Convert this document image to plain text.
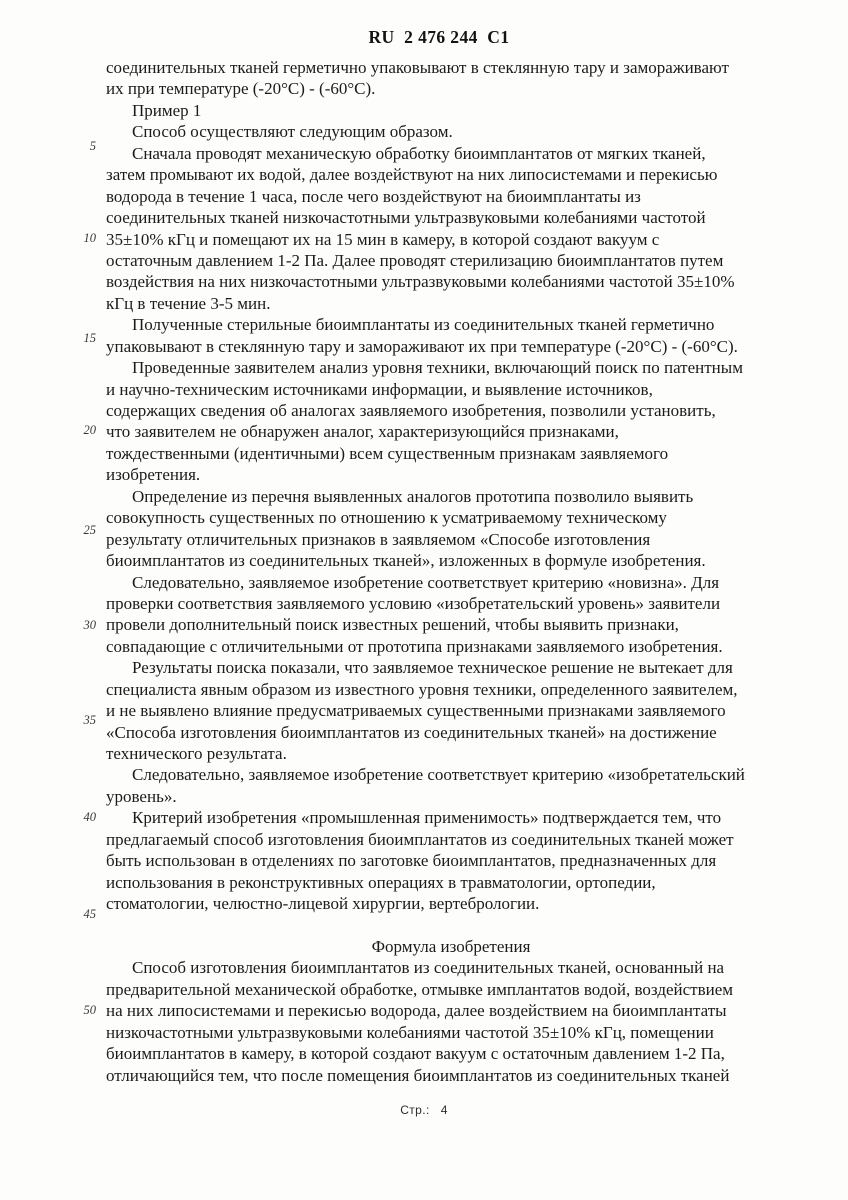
RU  2 476 244  C1
5
10
15
20
25
30
35
40
45
50
соединительных тканей герметично упаковывают в стеклянную тару и замораживают
их при температуре (-20°С) - (-60°С).
Пример 1
Способ осуществляют следующим образом.
Сначала проводят механическую обработку биоимплантатов от мягких тканей,
затем промывают их водой, далее воздействуют на них липосистемами и перекисью
водорода в течение 1 часа, после чего воздействуют на биоимплантаты из
соединительных тканей низкочастотными ультразвуковыми колебаниями частотой
35±10% кГц и помещают их на 15 мин в камеру, в которой создают вакуум с
остаточным давлением 1-2 Па. Далее проводят стерилизацию биоимплантатов путем
воздействия на них низкочастотными ультразвуковыми колебаниями частотой 35±10%
кГц в течение 3-5 мин.
Полученные стерильные биоимплантаты из соединительных тканей герметично
упаковывают в стеклянную тару и замораживают их при температуре (-20°С) - (-60°С).
Проведенные заявителем анализ уровня техники, включающий поиск по патентным
и научно-техническим источниками информации, и выявление источников,
содержащих сведения об аналогах заявляемого изобретения, позволили установить,
что заявителем не обнаружен аналог, характеризующийся признаками,
тождественными (идентичными) всем существенным признакам заявляемого
изобретения.
Определение из перечня выявленных аналогов прототипа позволило выявить
совокупность существенных по отношению к усматриваемому техническому
результату отличительных признаков в заявляемом «Способе изготовления
биоимплантатов из соединительных тканей», изложенных в формуле изобретения.
Следовательно, заявляемое изобретение соответствует критерию «новизна». Для
проверки соответствия заявляемого условию «изобретательский уровень» заявители
провели дополнительный поиск известных решений, чтобы выявить признаки,
совпадающие с отличительными от прототипа признаками заявляемого изобретения.
Результаты поиска показали, что заявляемое техническое решение не вытекает для
специалиста явным образом из известного уровня техники, определенного заявителем,
и не выявлено влияние предусматриваемых существенными признаками заявляемого
«Способа изготовления биоимплантатов из соединительных тканей» на достижение
технического результата.
Следовательно, заявляемое изобретение соответствует критерию «изобретательский
уровень».
Критерий изобретения «промышленная применимость» подтверждается тем, что
предлагаемый способ изготовления биоимплантатов из соединительных тканей может
быть использован в отделениях по заготовке биоимплантатов, предназначенных для
использования в реконструктивных операциях в травматологии, ортопедии,
стоматологии, челюстно-лицевой хирургии, вертебрологии.
Формула изобретения
Способ изготовления биоимплантатов из соединительных тканей, основанный на
предварительной механической обработке, отмывке имплантатов водой, воздействием
на них липосистемами и перекисью водорода, далее воздействием на биоимплантаты
низкочастотными ультразвуковыми колебаниями частотой 35±10% кГц, помещении
биоимплантатов в камеру, в которой создают вакуум с остаточным давлением 1-2 Па,
отличающийся тем, что после помещения биоимплантатов из соединительных тканей
Стр.: 4
